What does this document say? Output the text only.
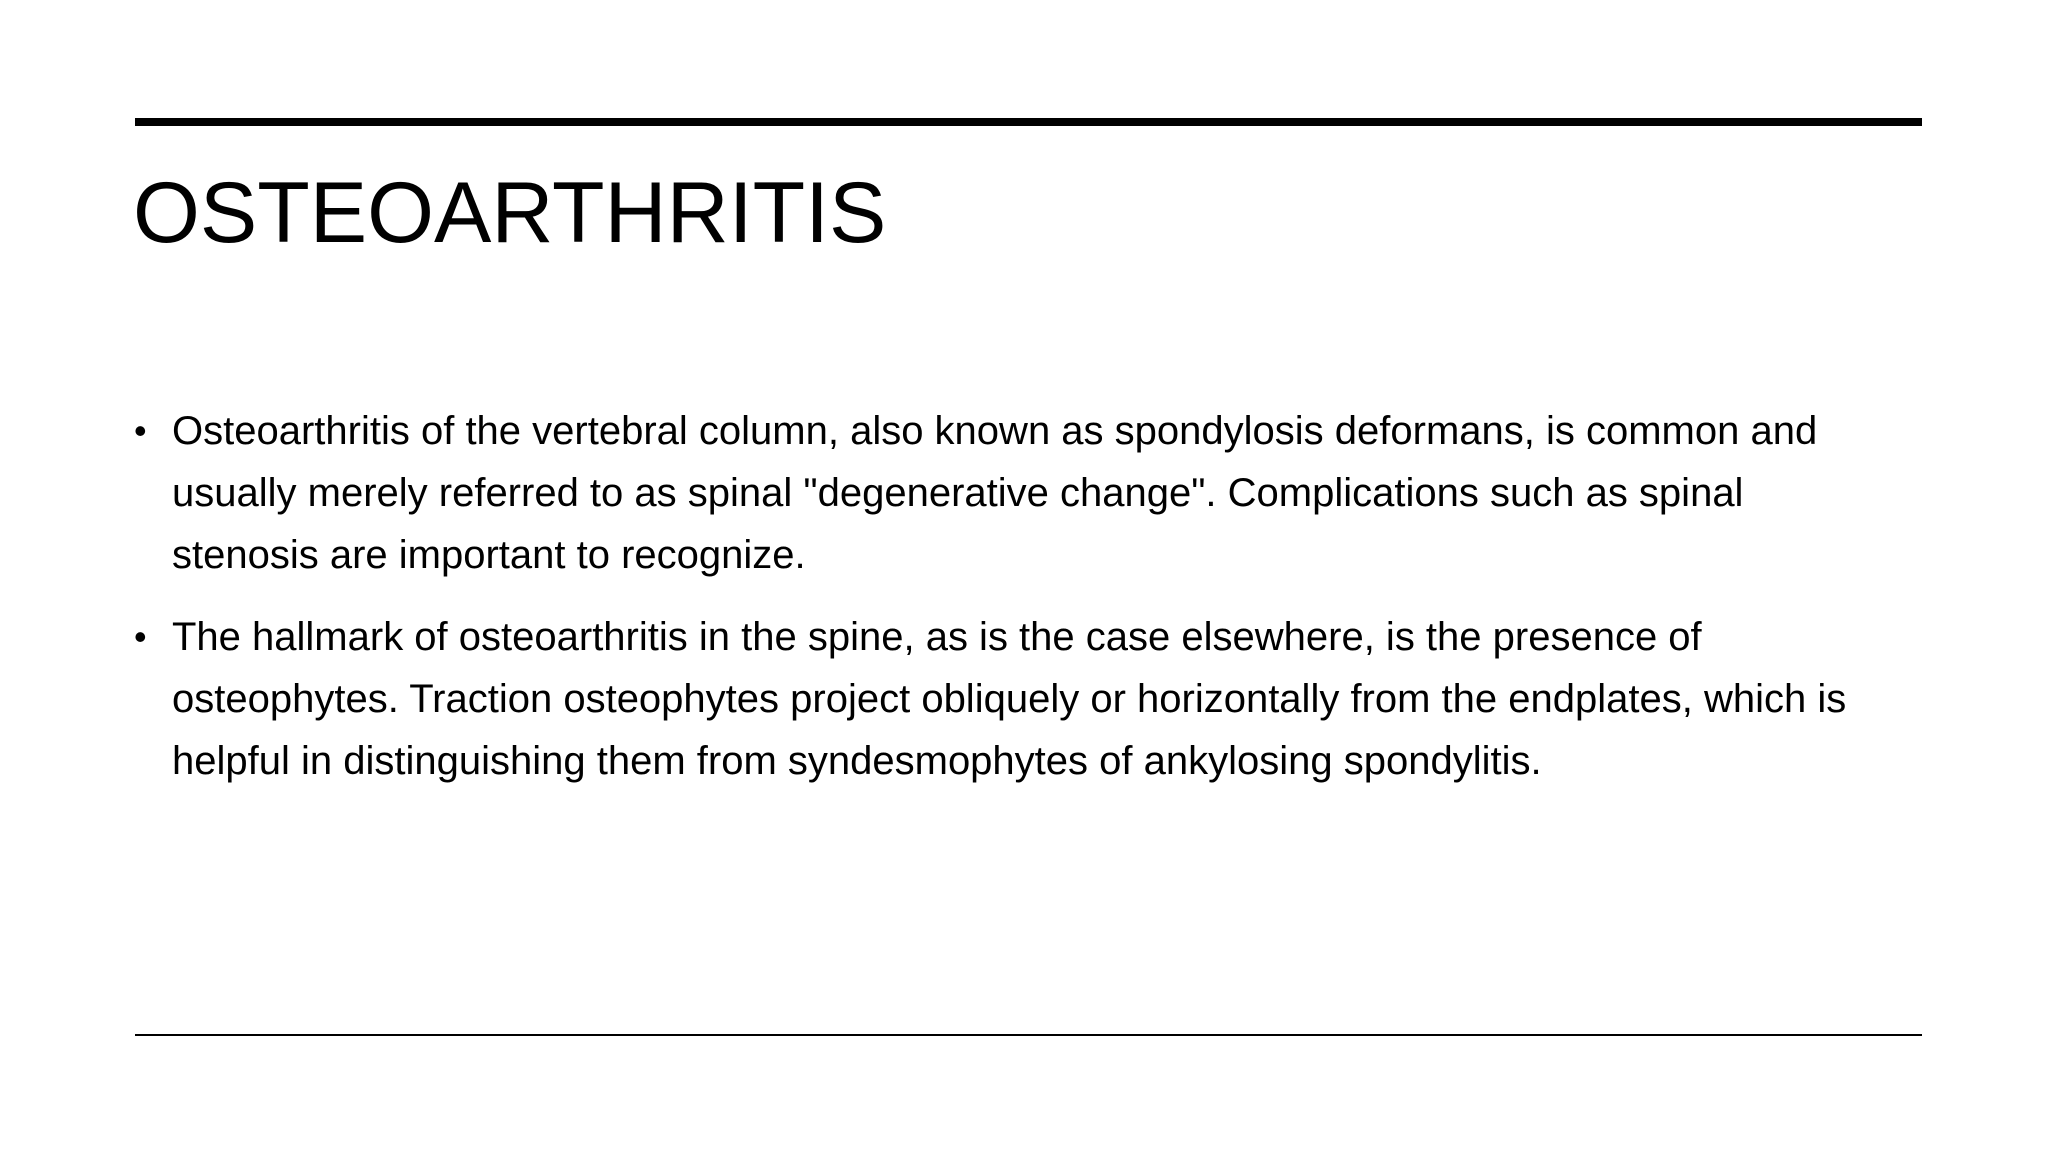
OSTEOARTHRITIS
• Osteoarthritis of the vertebral column, also known as spondylosis deformans, is common and usually merely referred to as spinal "degenerative change". Complications such as spinal stenosis are important to recognize.
• The hallmark of osteoarthritis in the spine, as is the case elsewhere, is the presence of osteophytes. Traction osteophytes project obliquely or horizontally from the endplates, which is helpful in distinguishing them from syndesmophytes of ankylosing spondylitis.
